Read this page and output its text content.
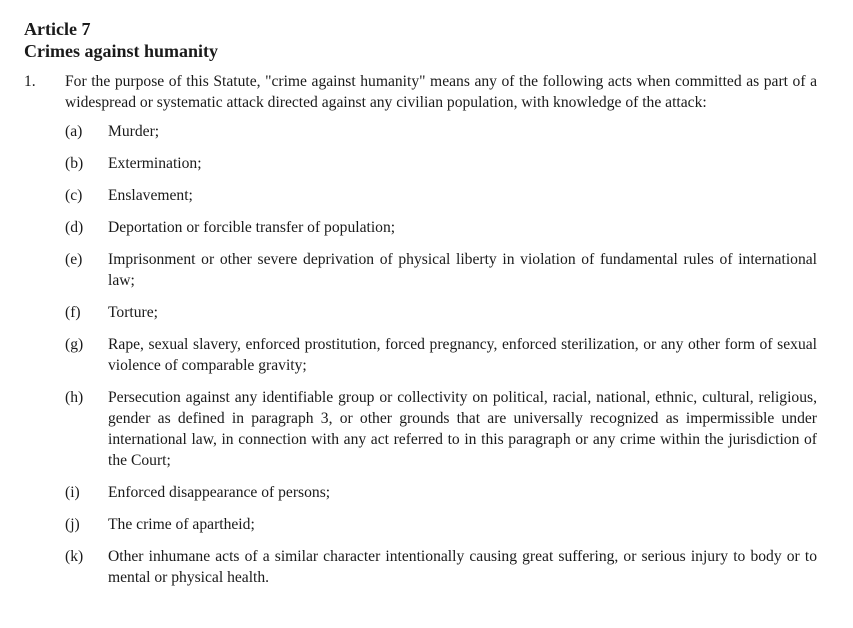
Article 7
Crimes against humanity
1.	For the purpose of this Statute, "crime against humanity" means any of the following acts when committed as part of a widespread or systematic attack directed against any civilian population, with knowledge of the attack:
(a)	Murder;
(b)	Extermination;
(c)	Enslavement;
(d)	Deportation or forcible transfer of population;
(e)	Imprisonment or other severe deprivation of physical liberty in violation of fundamental rules of international law;
(f)	Torture;
(g)	Rape, sexual slavery, enforced prostitution, forced pregnancy, enforced sterilization, or any other form of sexual violence of comparable gravity;
(h)	Persecution against any identifiable group or collectivity on political, racial, national, ethnic, cultural, religious, gender as defined in paragraph 3, or other grounds that are universally recognized as impermissible under international law, in connection with any act referred to in this paragraph or any crime within the jurisdiction of the Court;
(i)	Enforced disappearance of persons;
(j)	The crime of apartheid;
(k)	Other inhumane acts of a similar character intentionally causing great suffering, or serious injury to body or to mental or physical health.
